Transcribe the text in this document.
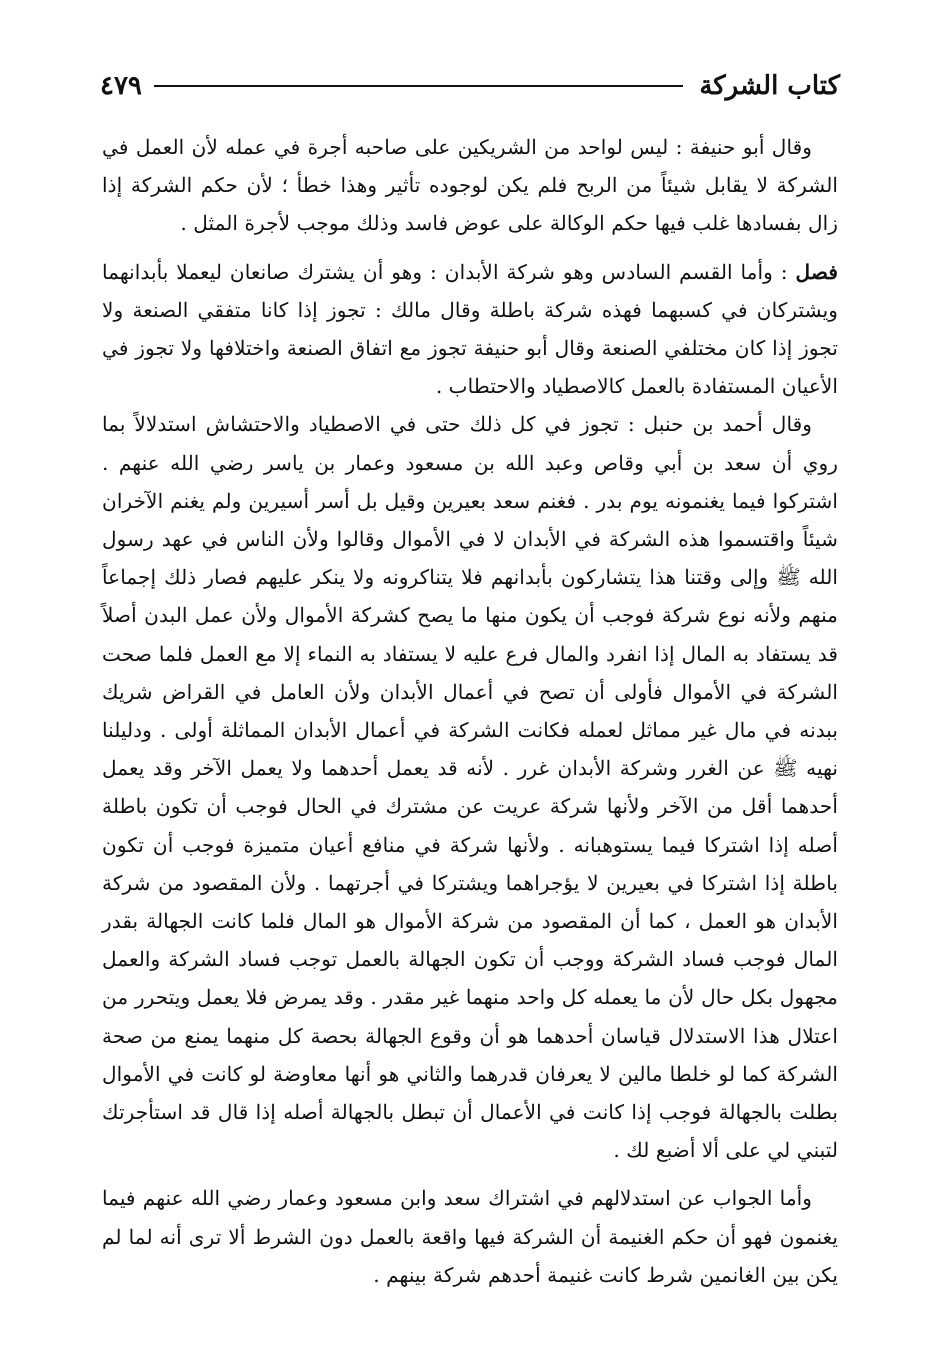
كتاب الشركة
٤٧٩

وقال أبو حنيفة : ليس لواحد من الشريكين على صاحبه أجرة في عمله لأن العمل في الشركة لا يقابل شيئاً من الربح فلم يكن لوجوده تأثير وهذا خطأ ؛ لأن حكم الشركة إذا زال بفسادها غلب فيها حكم الوكالة على عوض فاسد وذلك موجب لأجرة المثل .

فصل : وأما القسم السادس وهو شركة الأبدان : وهو أن يشترك صانعان ليعملا بأبدانهما ويشتركان في كسبهما فهذه شركة باطلة وقال مالك : تجوز إذا كانا متفقي الصنعة ولا تجوز إذا كان مختلفي الصنعة وقال أبو حنيفة تجوز مع اتفاق الصنعة واختلافها ولا تجوز في الأعيان المستفادة بالعمل كالاصطياد والاحتطاب .

وقال أحمد بن حنبل : تجوز في كل ذلك حتى في الاصطياد والاحتشاش استدلالاً بما روي أن سعد بن أبي وقاص وعبد الله بن مسعود وعمار بن ياسر رضي الله عنهم . اشتركوا فيما يغنمونه يوم بدر . فغنم سعد بعيرين وقيل بل أسر أسيرين ولم يغنم الآخران شيئاً واقتسموا هذه الشركة في الأبدان لا في الأموال وقالوا ولأن الناس في عهد رسول الله ﷺ وإلى وقتنا هذا يتشاركون بأبدانهم فلا يتناكرونه ولا ينكر عليهم فصار ذلك إجماعاً منهم ولأنه نوع شركة فوجب أن يكون منها ما يصح كشركة الأموال ولأن عمل البدن أصلاً قد يستفاد به المال إذا انفرد والمال فرع عليه لا يستفاد به النماء إلا مع العمل فلما صحت الشركة في الأموال فأولى أن تصح في أعمال الأبدان ولأن العامل في القراض شريك ببدنه في مال غير مماثل لعمله فكانت الشركة في أعمال الأبدان المماثلة أولى . ودليلنا نهيه ﷺ عن الغرر وشركة الأبدان غرر . لأنه قد يعمل أحدهما ولا يعمل الآخر وقد يعمل أحدهما أقل من الآخر ولأنها شركة عريت عن مشترك في الحال فوجب أن تكون باطلة أصله إذا اشتركا فيما يستوهبانه . ولأنها شركة في منافع أعيان متميزة فوجب أن تكون باطلة إذا اشتركا في بعيرين لا يؤجراهما ويشتركا في أجرتهما . ولأن المقصود من شركة الأبدان هو العمل ، كما أن المقصود من شركة الأموال هو المال فلما كانت الجهالة بقدر المال فوجب فساد الشركة ووجب أن تكون الجهالة بالعمل توجب فساد الشركة والعمل مجهول بكل حال لأن ما يعمله كل واحد منهما غير مقدر . وقد يمرض فلا يعمل ويتحرر من اعتلال هذا الاستدلال قياسان أحدهما هو أن وقوع الجهالة بحصة كل منهما يمنع من صحة الشركة كما لو خلطا مالين لا يعرفان قدرهما والثاني هو أنها معاوضة لو كانت في الأموال بطلت بالجهالة فوجب إذا كانت في الأعمال أن تبطل بالجهالة أصله إذا قال قد استأجرتك لتبني لي على ألا أضبع لك .

وأما الجواب عن استدلالهم في اشتراك سعد وابن مسعود وعمار رضي الله عنهم فيما يغنمون فهو أن حكم الغنيمة أن الشركة فيها واقعة بالعمل دون الشرط ألا ترى أنه لما لم يكن بين الغانمين شرط كانت غنيمة أحدهم شركة بينهم .
